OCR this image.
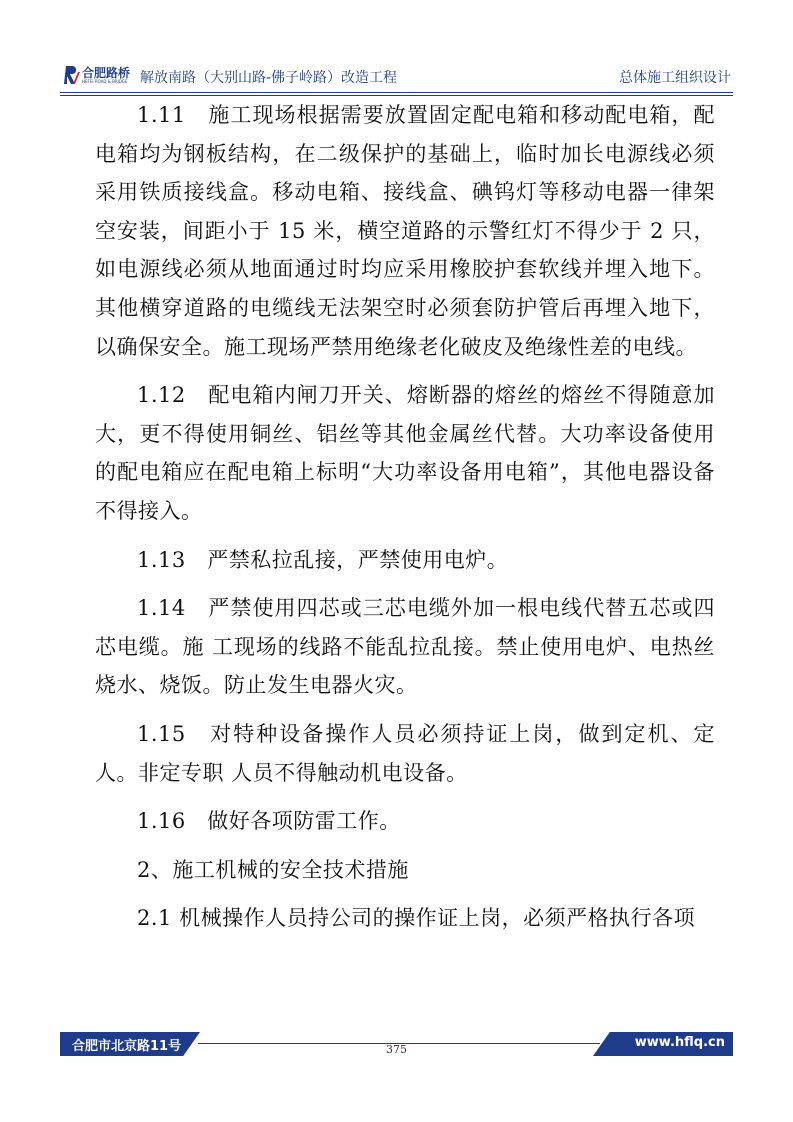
合肥路桥
HEFEI ROAD & BRIDGE 解放南路（大别山路-佛子岭路）改造工程	总体施工组织设计

1.11　施工现场根据需要放置固定配电箱和移动配电箱，配电箱均为钢板结构，在二级保护的基础上，临时加长电源线必须 采用铁质接线盒。移动电箱、接线盒、碘钨灯等移动电器一律架 空安装，间距小于 15 米，横空道路的示警红灯不得少于 2 只， 如电源线必须从地面通过时均应采用橡胶护套软线并埋入地下。 其他横穿道路的电缆线无法架空时必须套防护管后再埋入地下， 以确保安全。施工现场严禁用绝缘老化破皮及绝缘性差的电线。

1.12　配电箱内闸刀开关、熔断器的熔丝的熔丝不得随意加大，更不得使用铜丝、铝丝等其他金属丝代替。大功率设备使用的配电箱应在配电箱上标明“大功率设备用电箱”，其他电器设备不得接入。

1.13　严禁私拉乱接，严禁使用电炉。

1.14　严禁使用四芯或三芯电缆外加一根电线代替五芯或四芯电缆。施 工现场的线路不能乱拉乱接。禁止使用电炉、电热丝烧水、烧饭。防止发生电器火灾。

1.15　对特种设备操作人员必须持证上岗，做到定机、定人。非定专职 人员不得触动机电设备。

1.16　做好各项防雷工作。

2、施工机械的安全技术措施

2.1 机械操作人员持公司的操作证上岗，必须严格执行各项

合肥市北京路11号	www.hflq.cn
375
